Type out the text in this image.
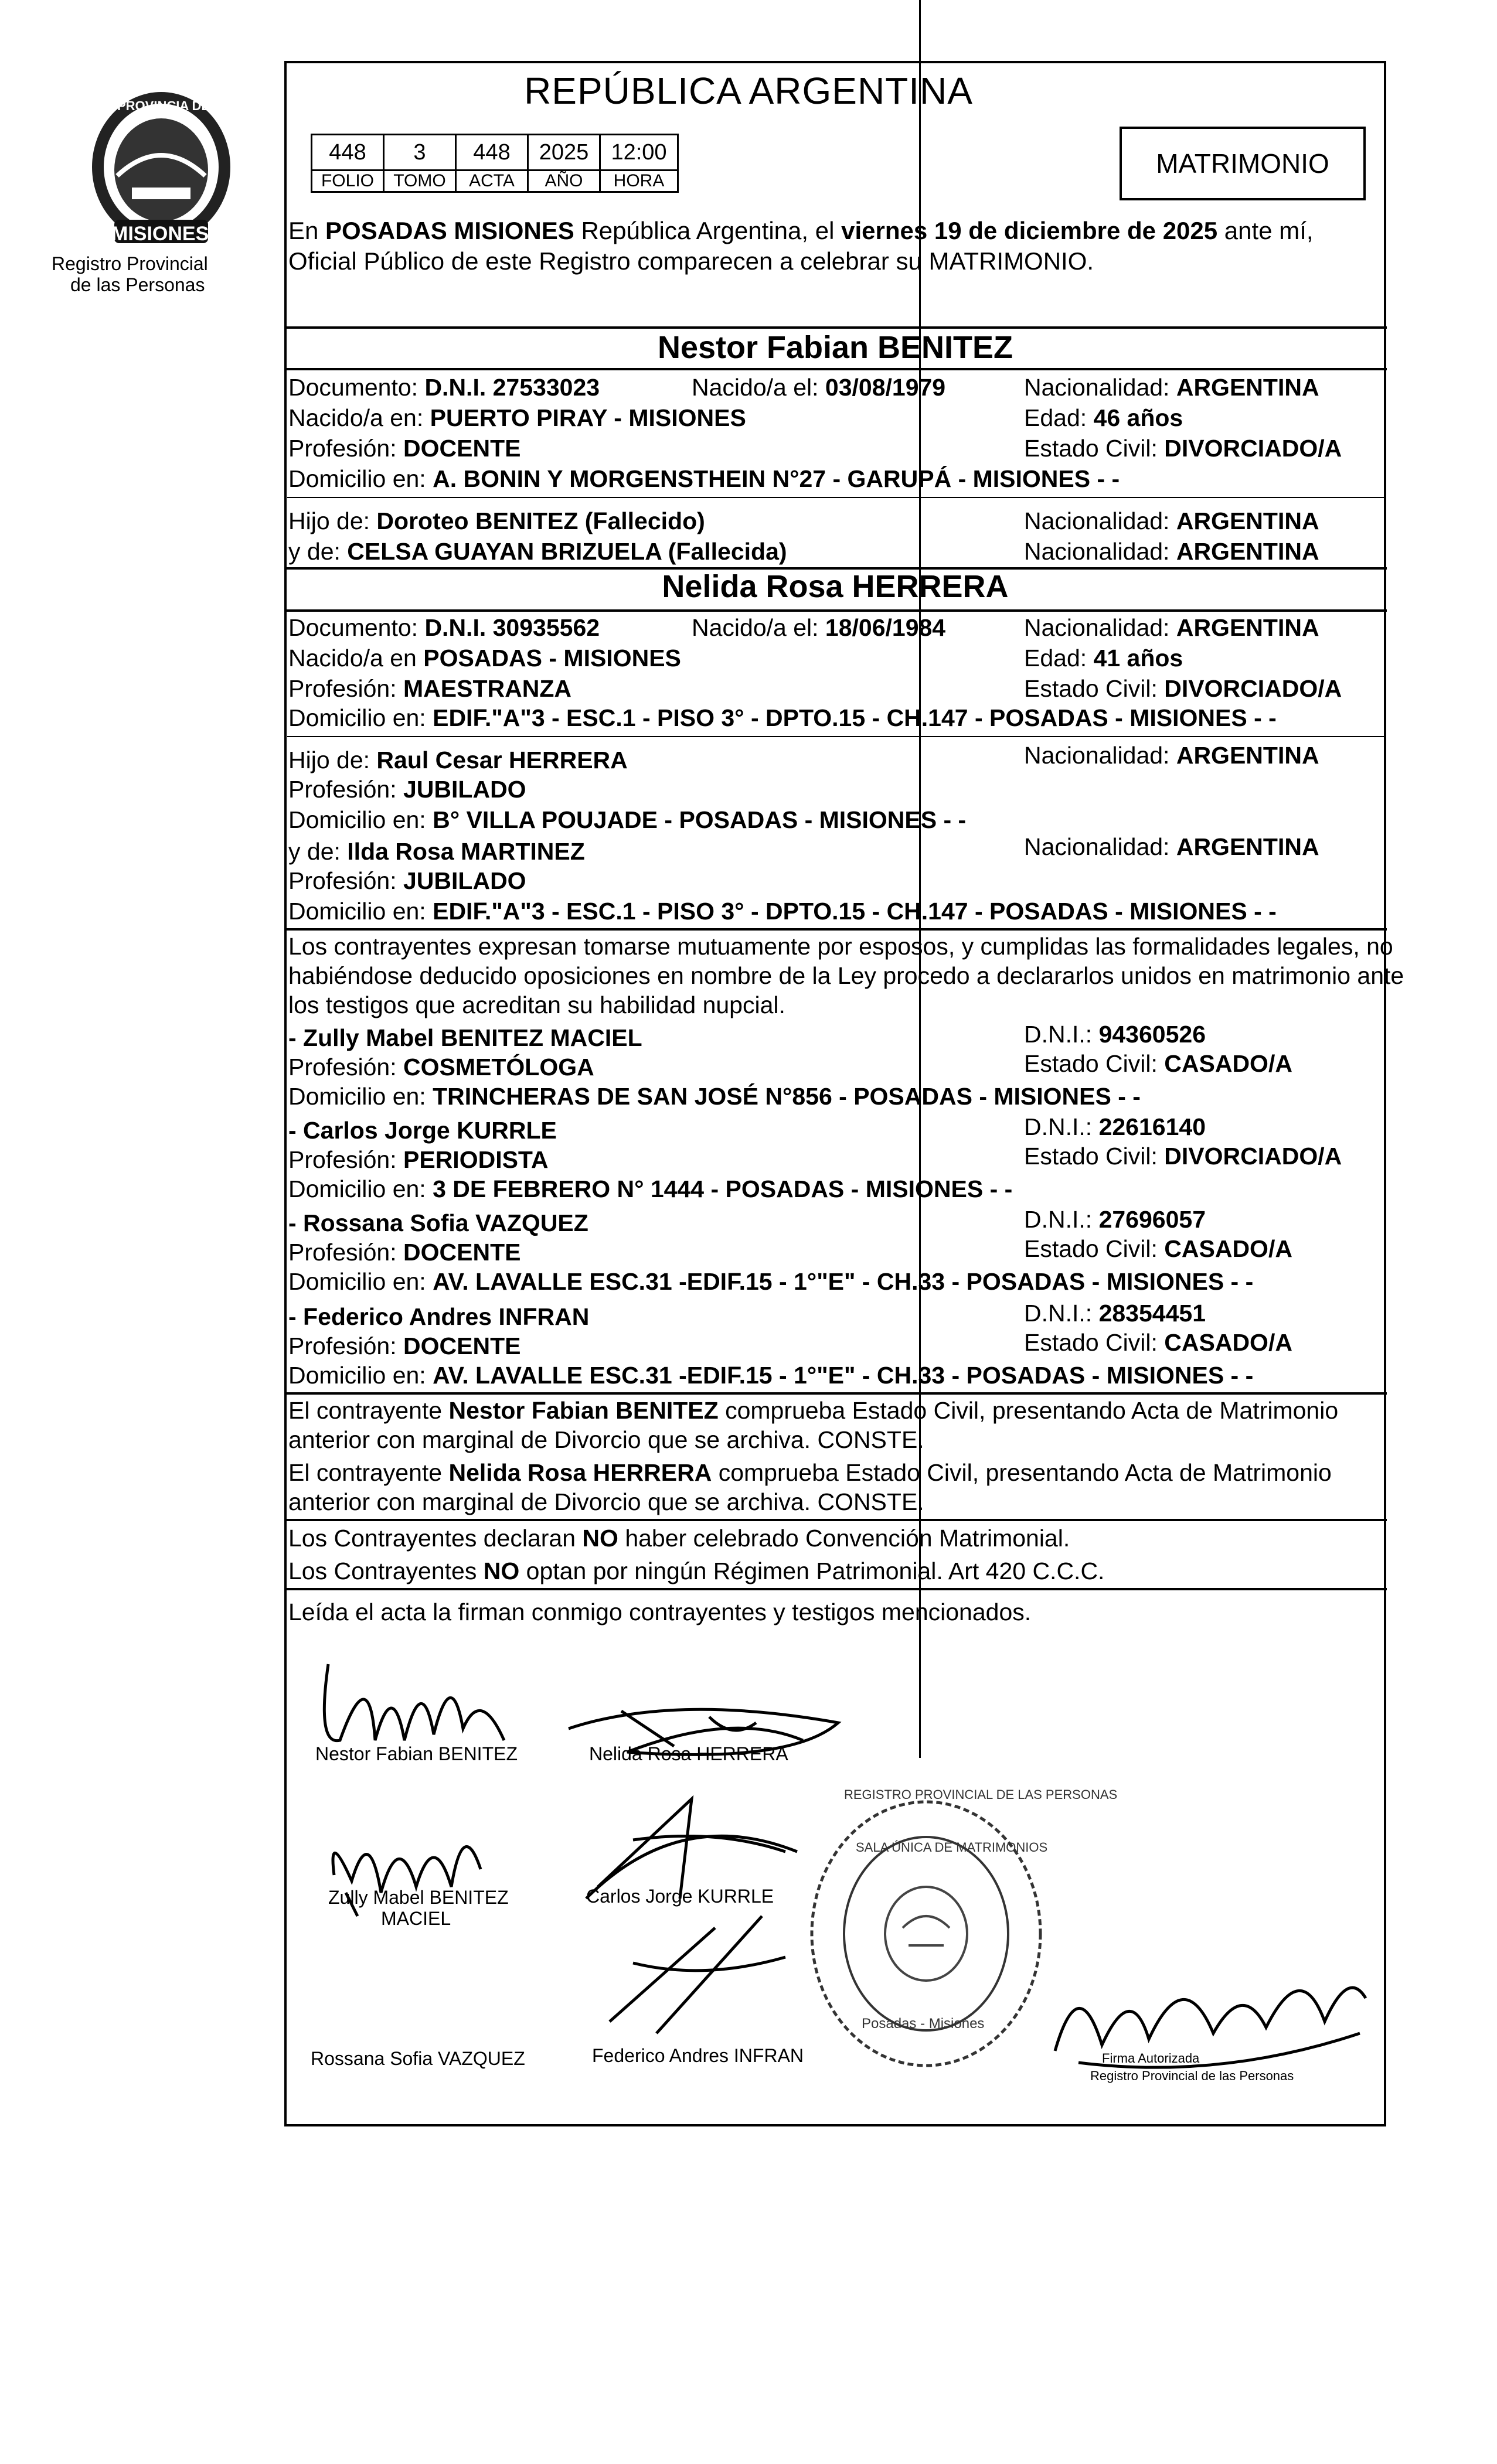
PROVINCIA DE
MISIONES
Registro Provincial
de las Personas
REPÚBLICA ARGENTINA
448	3	448	2025	12:00
FOLIO	TOMO	ACTA	AÑO	HORA
MATRIMONIO
En POSADAS MISIONES República Argentina, el viernes 19 de diciembre de 2025 ante mí,
Oficial Público de este Registro comparecen a celebrar su MATRIMONIO.
Nestor Fabian BENITEZ
Documento: D.N.I. 27533023	Nacido/a el: 03/08/1979	Nacionalidad: ARGENTINA
Nacido/a en: PUERTO PIRAY - MISIONES	Edad: 46 años
Profesión: DOCENTE	Estado Civil: DIVORCIADO/A
Domicilio en: A. BONIN Y MORGENSTHEIN N°27 - GARUPÁ - MISIONES - -
Hijo de: Doroteo BENITEZ (Fallecido)	Nacionalidad: ARGENTINA
y de: CELSA GUAYAN BRIZUELA (Fallecida)	Nacionalidad: ARGENTINA
Nelida Rosa HERRERA
Documento: D.N.I. 30935562	Nacido/a el: 18/06/1984	Nacionalidad: ARGENTINA
Nacido/a en POSADAS - MISIONES	Edad: 41 años
Profesión: MAESTRANZA	Estado Civil: DIVORCIADO/A
Domicilio en: EDIF."A"3 - ESC.1 - PISO 3° - DPTO.15 - CH.147 - POSADAS - MISIONES - -
Hijo de: Raul Cesar HERRERA	Nacionalidad: ARGENTINA
Profesión: JUBILADO
Domicilio en: B° VILLA POUJADE - POSADAS - MISIONES - -
y de: Ilda Rosa MARTINEZ	Nacionalidad: ARGENTINA
Profesión: JUBILADO
Domicilio en: EDIF."A"3 - ESC.1 - PISO 3° - DPTO.15 - CH.147 - POSADAS - MISIONES - -
Los contrayentes expresan tomarse mutuamente por esposos, y cumplidas las formalidades legales, no
habiéndose deducido oposiciones en nombre de la Ley procedo a declararlos unidos en matrimonio ante
los testigos que acreditan su habilidad nupcial.
- Zully Mabel BENITEZ MACIEL	D.N.I.: 94360526
Profesión: COSMETÓLOGA	Estado Civil: CASADO/A
Domicilio en: TRINCHERAS DE SAN JOSÉ N°856 - POSADAS - MISIONES - -
- Carlos Jorge KURRLE	D.N.I.: 22616140
Profesión: PERIODISTA	Estado Civil: DIVORCIADO/A
Domicilio en: 3 DE FEBRERO N° 1444 - POSADAS - MISIONES - -
- Rossana Sofia VAZQUEZ	D.N.I.: 27696057
Profesión: DOCENTE	Estado Civil: CASADO/A
Domicilio en: AV. LAVALLE ESC.31 -EDIF.15 - 1°"E" - CH.33 - POSADAS - MISIONES - -
- Federico Andres INFRAN	D.N.I.: 28354451
Profesión: DOCENTE	Estado Civil: CASADO/A
Domicilio en: AV. LAVALLE ESC.31 -EDIF.15 - 1°"E" - CH.33 - POSADAS - MISIONES - -
El contrayente Nestor Fabian BENITEZ comprueba Estado Civil, presentando Acta de Matrimonio
anterior con marginal de Divorcio que se archiva. CONSTE.
El contrayente Nelida Rosa HERRERA comprueba Estado Civil, presentando Acta de Matrimonio
anterior con marginal de Divorcio que se archiva. CONSTE.
Los Contrayentes declaran NO haber celebrado Convención Matrimonial.
Los Contrayentes NO optan por ningún Régimen Patrimonial. Art 420 C.C.C.
Leída el acta la firman conmigo contrayentes y testigos mencionados.
Nestor Fabian BENITEZ	Nelida Rosa HERRERA
Zully Mabel BENITEZ
MACIEL
Carlos Jorge KURRLE
Rossana Sofia VAZQUEZ	Federico Andres INFRAN
REGISTRO PROVINCIAL DE LAS PERSONAS
SALA ÚNICA DE MATRIMONIOS
Posadas - Misiones
Firma Autorizada
Registro Provincial de las Personas
